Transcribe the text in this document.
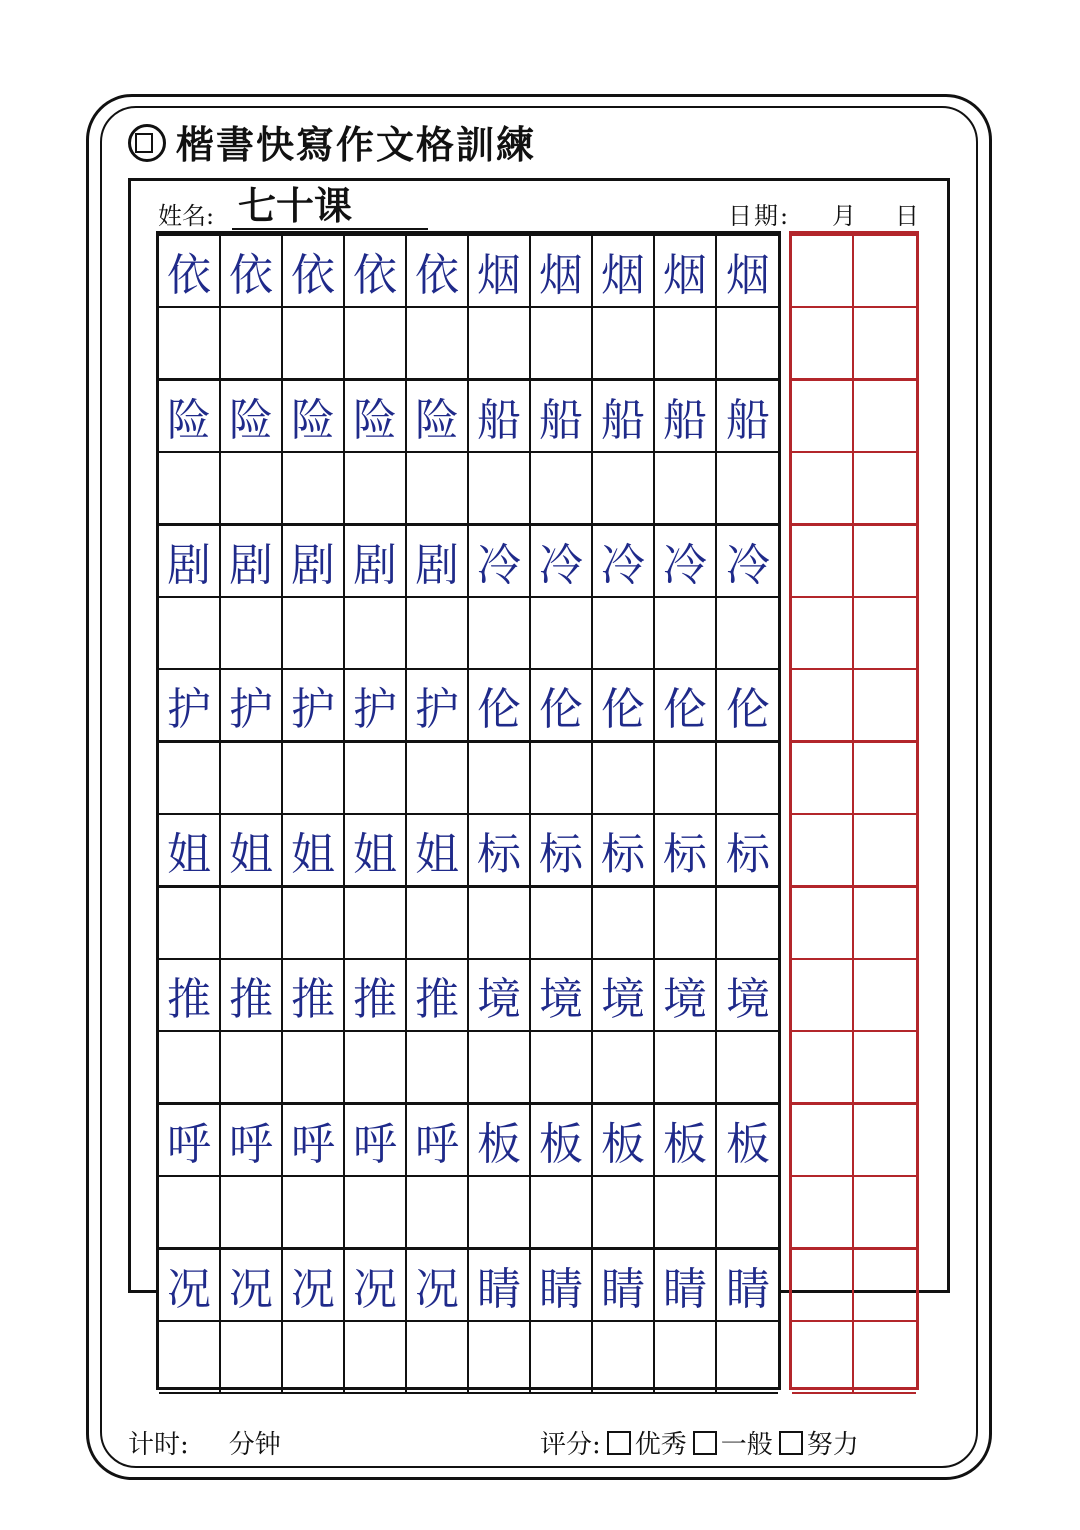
楷書快寫作文格訓練
姓名: 七十课	日期: 月 日
依 依 依 依 依 烟 烟 烟 烟 烟
险 险 险 险 险 船 船 船 船 船
剧 剧 剧 剧 剧 冷 冷 冷 冷 冷
护 护 护 护 护 伦 伦 伦 伦 伦
姐 姐 姐 姐 姐 标 标 标 标 标
推 推 推 推 推 境 境 境 境 境
呼 呼 呼 呼 呼 板 板 板 板 板
况 况 况 况 况 睛 睛 睛 睛 睛
计时: 分钟	评分: 优秀 一般 努力
